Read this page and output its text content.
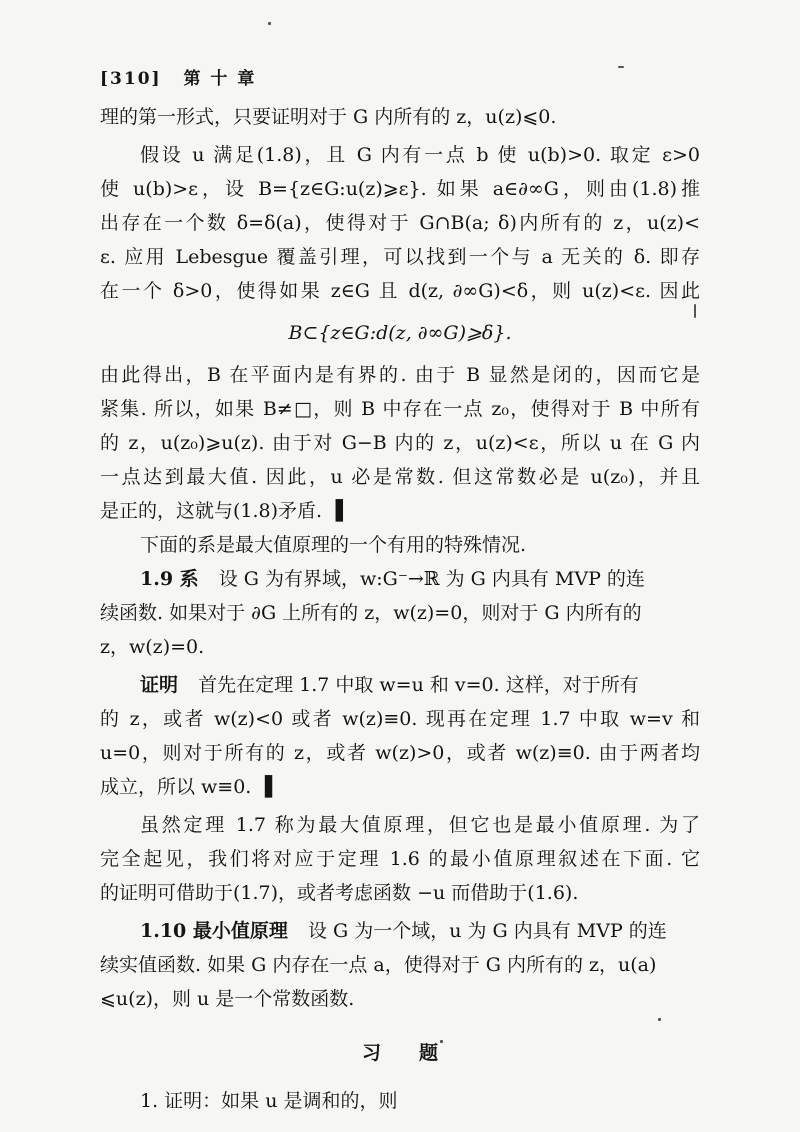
[310] 第 十 章
理的第一形式，只要证明对于 G 内所有的 z，u(z)⩽0.
假设 u 满足(1.8)，且 G 内有一点 b 使 u(b)>0. 取定 ε>0
使 u(b)>ε，设 B={z∈G:u(z)⩾ε}. 如果 a∈∂∞G，则由(1.8)推
出存在一个数 δ=δ(a)，使得对于 G∩B(a; δ)内所有的 z，u(z)<
ε. 应用 Lebesgue 覆盖引理，可以找到一个与 a 无关的 δ. 即存
在一个 δ>0，使得如果 z∈G 且 d(z, ∂∞G)<δ，则 u(z)<ε. 因此
B⊂{z∈G:d(z, ∂∞G)⩾δ}.
由此得出，B 在平面内是有界的. 由于 B 显然是闭的，因而它是
紧集. 所以，如果 B≠□，则 B 中存在一点 z₀，使得对于 B 中所有
的 z，u(z₀)⩾u(z). 由于对 G−B 内的 z，u(z)<ε，所以 u 在 G 内
一点达到最大值. 因此，u 必是常数. 但这常数必是 u(z₀)，并且
是正的，这就与(1.8)矛盾. ▐
下面的系是最大值原理的一个有用的特殊情况.
1.9 系 设 G 为有界域，w:G⁻→ℝ 为 G 内具有 MVP 的连
续函数. 如果对于 ∂G 上所有的 z，w(z)=0，则对于 G 内所有的
z，w(z)=0.
证明 首先在定理 1.7 中取 w=u 和 v=0. 这样，对于所有
的 z，或者 w(z)<0 或者 w(z)≡0. 现再在定理 1.7 中取 w=v 和
u=0，则对于所有的 z，或者 w(z)>0，或者 w(z)≡0. 由于两者均
成立，所以 w≡0. ▐
虽然定理 1.7 称为最大值原理，但它也是最小值原理. 为了
完全起见，我们将对应于定理 1.6 的最小值原理叙述在下面. 它
的证明可借助于(1.7)，或者考虑函数 −u 而借助于(1.6).
1.10 最小值原理 设 G 为一个域，u 为 G 内具有 MVP 的连
续实值函数. 如果 G 内存在一点 a，使得对于 G 内所有的 z，u(a)
⩽u(z)，则 u 是一个常数函数.
习　　题
1. 证明：如果 u 是调和的，则
